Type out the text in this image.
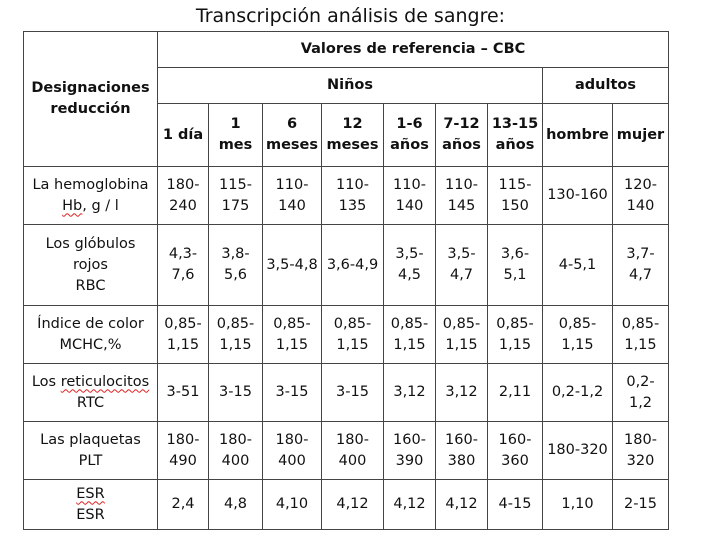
Transcripción análisis de sangre:
Designaciones
reducción	Valores de referencia – CBC								
	Niños							adultos	
	1 día	1
mes	6
meses	12
meses	1-6
años	7-12
años	13-15
años	hombre	mujer
La hemoglobina
Hb, g / l	180-
240	115-
175	110-
140	110-
135	110-
140	110-
145	115-
150	130-160	120-
140
Los glóbulos
rojos
RBC	4,3-
7,6	3,8-
5,6	3,5-4,8	3,6-4,9	3,5-
4,5	3,5-
4,7	3,6-
5,1	4-5,1	3,7-
4,7
Índice de color
MCHC,%	0,85-
1,15	0,85-
1,15	0,85-
1,15	0,85-
1,15	0,85-
1,15	0,85-
1,15	0,85-
1,15	0,85-
1,15	0,85-
1,15
Los reticulocitos
RTC	3-51	3-15	3-15	3-15	3,12	3,12	2,11	0,2-1,2	0,2-
1,2
Las plaquetas
PLT	180-
490	180-
400	180-
400	180-
400	160-
390	160-
380	160-
360	180-320	180-
320
ESR
ESR	2,4	4,8	4,10	4,12	4,12	4,12	4-15	1,10	2-15
